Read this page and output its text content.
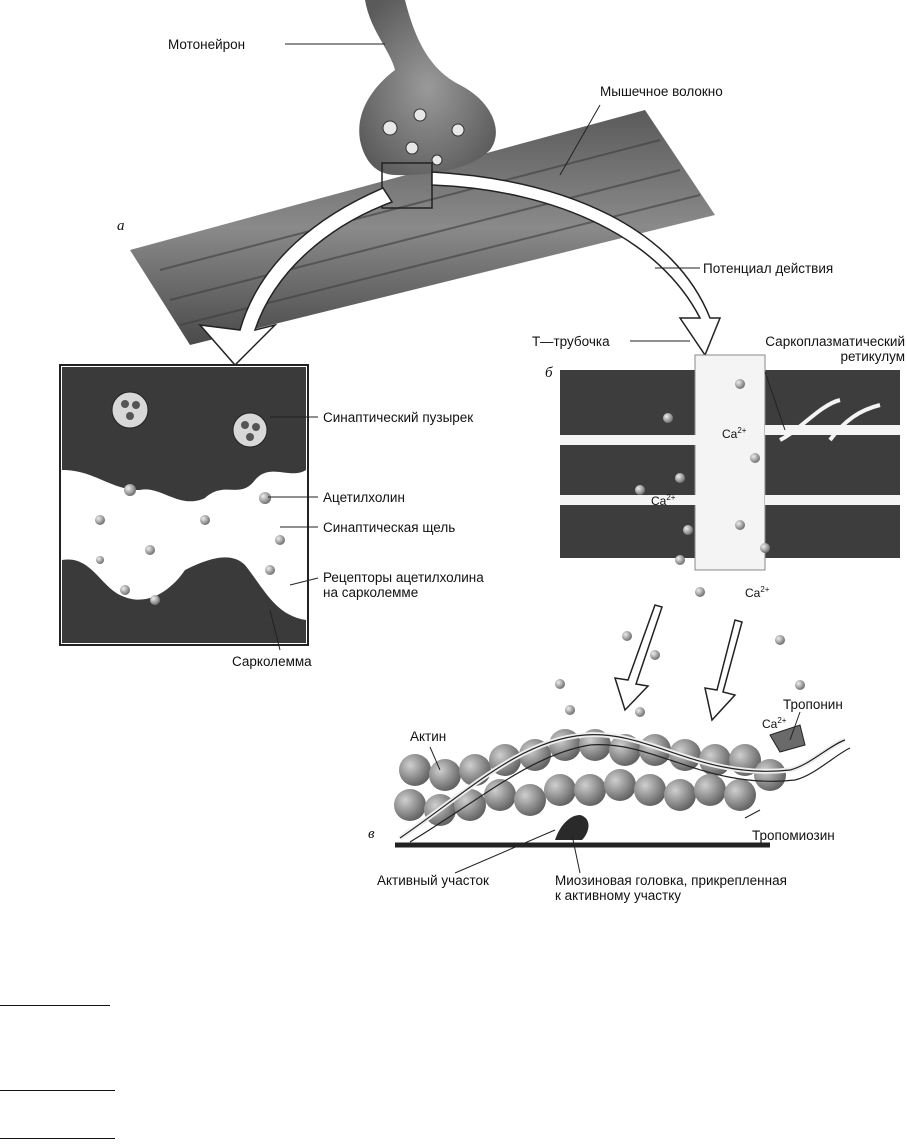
а
б
в
Мотонейрон
Мышечное волокно
Потенциал действия
Т—трубочка	Саркоплазматический
ретикулум
Синаптический пузырек
Ацетилхолин
Синаптическая щель
Рецепторы ацетилхолина
на сарколемме
Сарколемма
Актин
Тропонин
Тропомиозин
Активный участок	Миозиновая головка, прикрепленная
к активному участку
$Ca^{2+}$
$Ca^{2+}$
$Ca^{2+}$
$Ca^{2+}$
